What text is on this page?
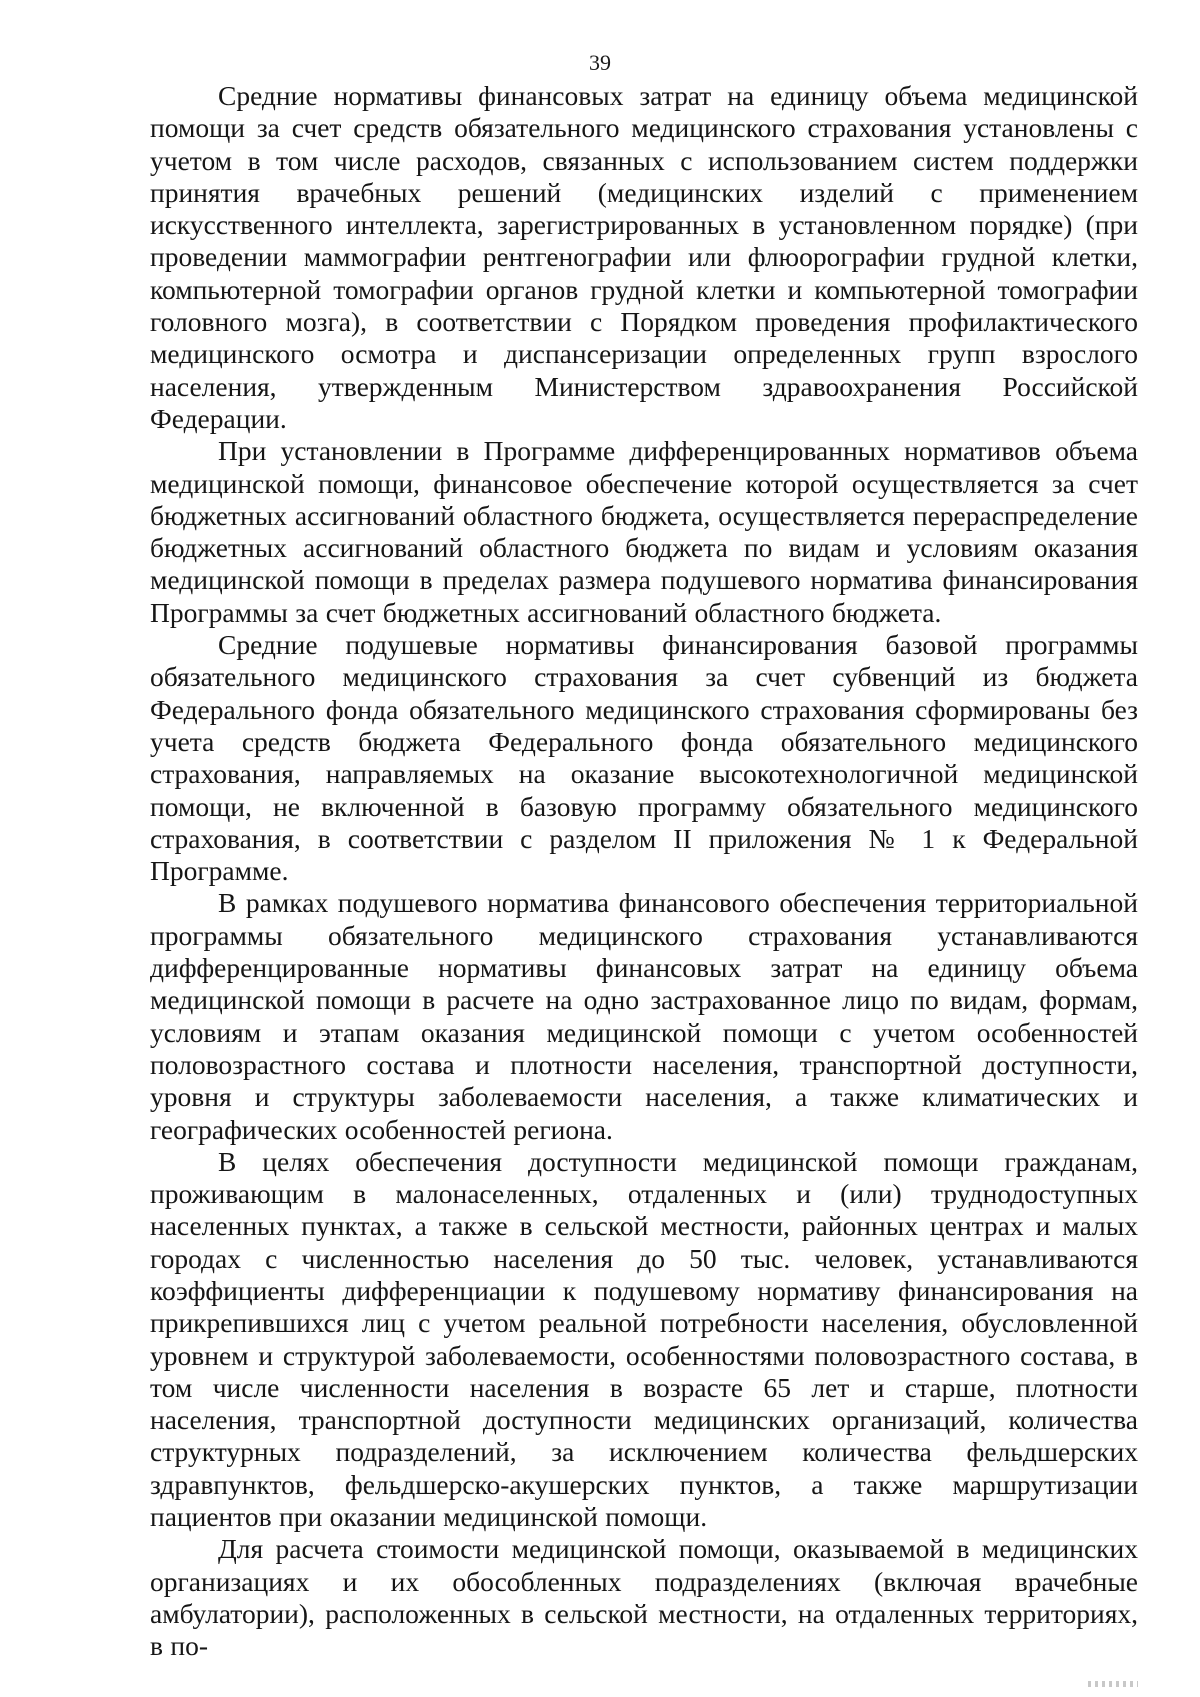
39

Средние нормативы финансовых затрат на единицу объема медицинской помощи за счет средств обязательного медицинского страхования установлены с учетом в том числе расходов, связанных с использованием систем поддержки принятия врачебных решений (медицинских изделий с применением искусственного интеллекта, зарегистрированных в установленном порядке) (при проведении маммографии рентгенографии или флюорографии грудной клетки, компьютерной томографии органов грудной клетки и компьютерной томографии головного мозга), в соответствии с Порядком проведения профилактического медицинского осмотра и диспансеризации определенных групп взрослого населения, утвержденным Министерством здравоохранения Российской Федерации.

При установлении в Программе дифференцированных нормативов объема медицинской помощи, финансовое обеспечение которой осуществляется за счет бюджетных ассигнований областного бюджета, осуществляется перераспределение бюджетных ассигнований областного бюджета по видам и условиям оказания медицинской помощи в пределах размера подушевого норматива финансирования Программы за счет бюджетных ассигнований областного бюджета.

Средние подушевые нормативы финансирования базовой программы обязательного медицинского страхования за счет субвенций из бюджета Федерального фонда обязательного медицинского страхования сформированы без учета средств бюджета Федерального фонда обязательного медицинского страхования, направляемых на оказание высокотехнологичной медицинской помощи, не включенной в базовую программу обязательного медицинского страхования, в соответствии с разделом II приложения № 1 к Федеральной Программе.

В рамках подушевого норматива финансового обеспечения территориальной программы обязательного медицинского страхования устанавливаются дифференцированные нормативы финансовых затрат на единицу объема медицинской помощи в расчете на одно застрахованное лицо по видам, формам, условиям и этапам оказания медицинской помощи с учетом особенностей половозрастного состава и плотности населения, транспортной доступности, уровня и структуры заболеваемости населения, а также климатических и географических особенностей региона.

В целях обеспечения доступности медицинской помощи гражданам, проживающим в малонаселенных, отдаленных и (или) труднодоступных населенных пунктах, а также в сельской местности, районных центрах и малых городах с численностью населения до 50 тыс. человек, устанавливаются коэффициенты дифференциации к подушевому нормативу финансирования на прикрепившихся лиц с учетом реальной потребности населения, обусловленной уровнем и структурой заболеваемости, особенностями половозрастного состава, в том числе численности населения в возрасте 65 лет и старше, плотности населения, транспортной доступности медицинских организаций, количества структурных подразделений, за исключением количества фельдшерских здравпунктов, фельдшерско-акушерских пунктов, а также маршрутизации пациентов при оказании медицинской помощи.

Для расчета стоимости медицинской помощи, оказываемой в медицинских организациях и их обособленных подразделениях (включая врачебные амбулатории), расположенных в сельской местности, на отдаленных территориях, в по-
